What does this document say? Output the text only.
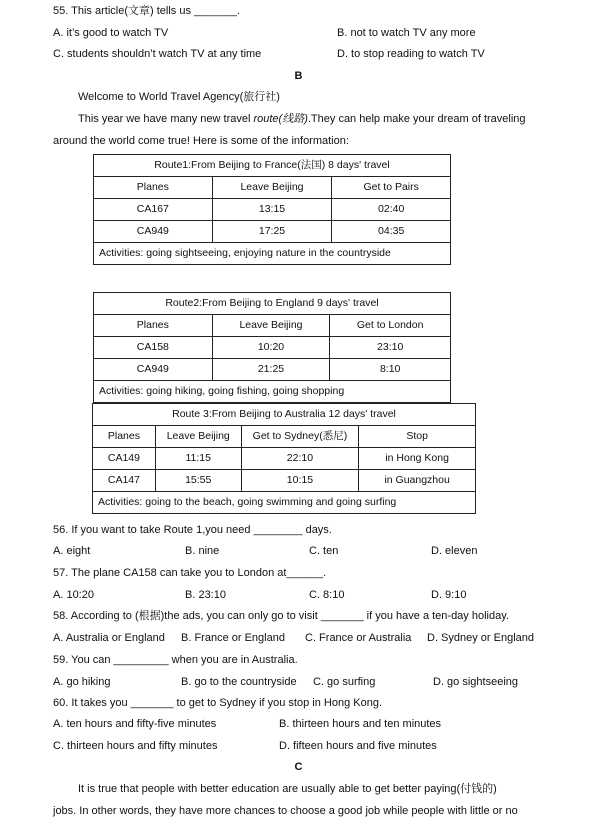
55. This article(文章) tells us _______.
A. it’s good to watch TV	B. not to watch TV any more
C. students shouldn’t watch TV at any time	D. to stop reading to watch TV
B
Welcome to World Travel Agency(旅行社)
This year we have many new travel route(线路).They can help make your dream of traveling
around the world come true! Here is some of the information:
Route1:From Beijing to France(法国) 8 days' travel		
Planes	Leave Beijing	Get to Pairs
CA167	13:15	02:40
CA949	17:25	04:35
Activities: going sightseeing, enjoying nature in the countryside		
Route2:From Beijing to England 9 days' travel		
Planes	Leave Beijing	Get to London
CA158	10:20	23:10
CA949	21:25	8:10
Activities: going hiking, going fishing, going shopping		
Route 3:From Beijing to Australia 12 days' travel			
Planes	Leave Beijing	Get to Sydney(悉尼)	Stop
CA149	11:15	22:10	in Hong Kong
CA147	15:55	10:15	in Guangzhou
Activities: going to the beach, going swimming and going surfing			
56. If you want to take Route 1,you need ________ days.
A. eight	B. nine	C. ten	D. eleven
57. The plane CA158 can take you to London at______.
A. 10:20	B. 23:10	C. 8:10	D. 9:10
58. According to (根据)the ads, you can only go to visit _______ if you have a ten-day holiday.
A. Australia or England B. France or England C. France or Australia D. Sydney or England
59. You can _________ when you are in Australia.
A. go hiking	B. go to the countryside C. go surfing	D. go sightseeing
60. It takes you _______ to get to Sydney if you stop in Hong Kong.
A. ten hours and fifty-five minutes	B. thirteen hours and ten minutes
C. thirteen hours and fifty minutes	D. fifteen hours and five minutes
C
It is true that people with better education are usually able to get better paying(付钱的)
jobs. In other words, they have more chances to choose a good job while people with little or no
